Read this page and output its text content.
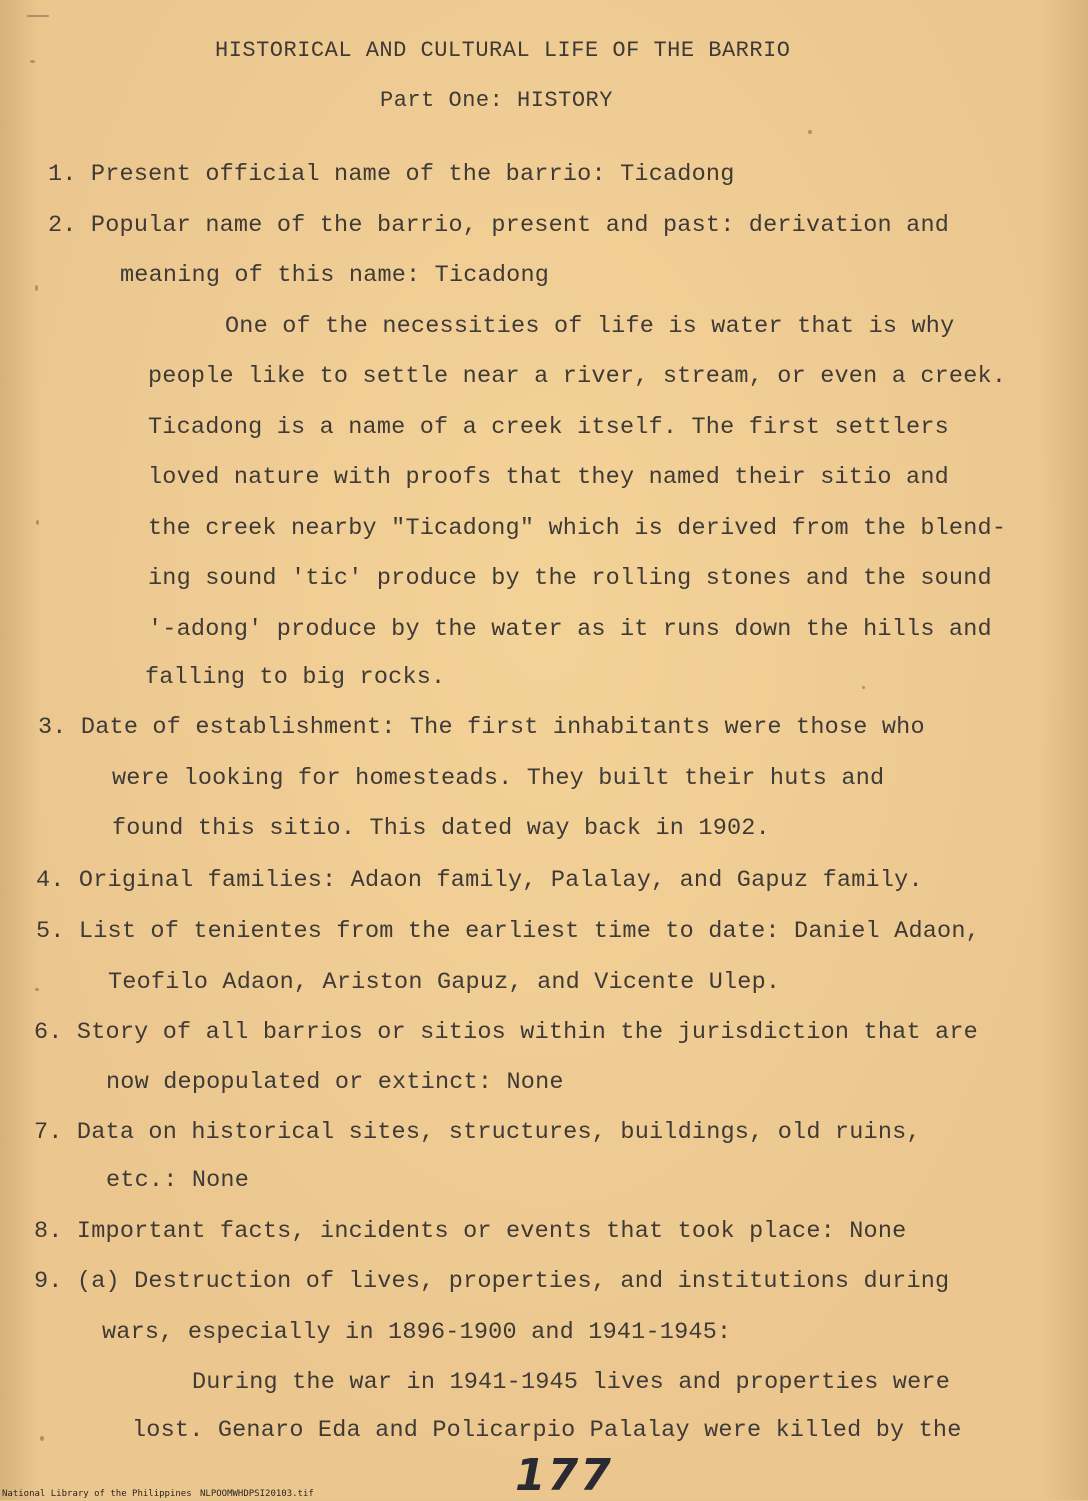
HISTORICAL AND CULTURAL LIFE OF THE BARRIO
Part One: HISTORY
1. Present official name of the barrio: Ticadong
2. Popular name of the barrio, present and past: derivation and
meaning of this name: Ticadong
One of the necessities of life is water that is why
people like to settle near a river, stream, or even a creek.
Ticadong is a name of a creek itself. The first settlers
loved nature with proofs that they named their sitio and
the creek nearby "Ticadong" which is derived from the blend-
ing sound 'tic' produce by the rolling stones and the sound
'-adong' produce by the water as it runs down the hills and
falling to big rocks.
3. Date of establishment: The first inhabitants were those who
were looking for homesteads. They built their huts and
found this sitio. This dated way back in 1902.
4. Original families: Adaon family, Palalay, and Gapuz family.
5. List of tenientes from the earliest time to date: Daniel Adaon,
Teofilo Adaon, Ariston Gapuz, and Vicente Ulep.
6. Story of all barrios or sitios within the jurisdiction that are
now depopulated or extinct: None
7. Data on historical sites, structures, buildings, old ruins,
etc.: None
8. Important facts, incidents or events that took place: None
9. (a) Destruction of lives, properties, and institutions during
wars, especially in 1896-1900 and 1941-1945:
During the war in 1941-1945 lives and properties were
lost. Genaro Eda and Policarpio Palalay were killed by the
177
National Library of the Philippines NLPOOMWHDPSI20103.tif
